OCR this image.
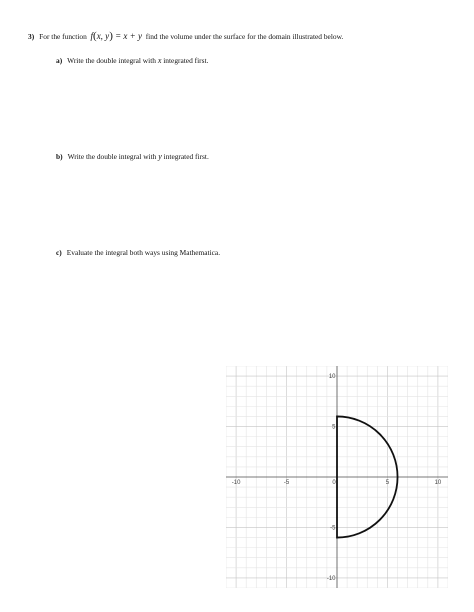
3) For the function f(x, y) = x + y find the volume under the surface for the domain illustrated below.
a) Write the double integral with x integrated first.
b) Write the double integral with y integrated first.
c) Evaluate the integral both ways using Mathematica.
-10	-5	0	5	10
10
5
-5
-10
